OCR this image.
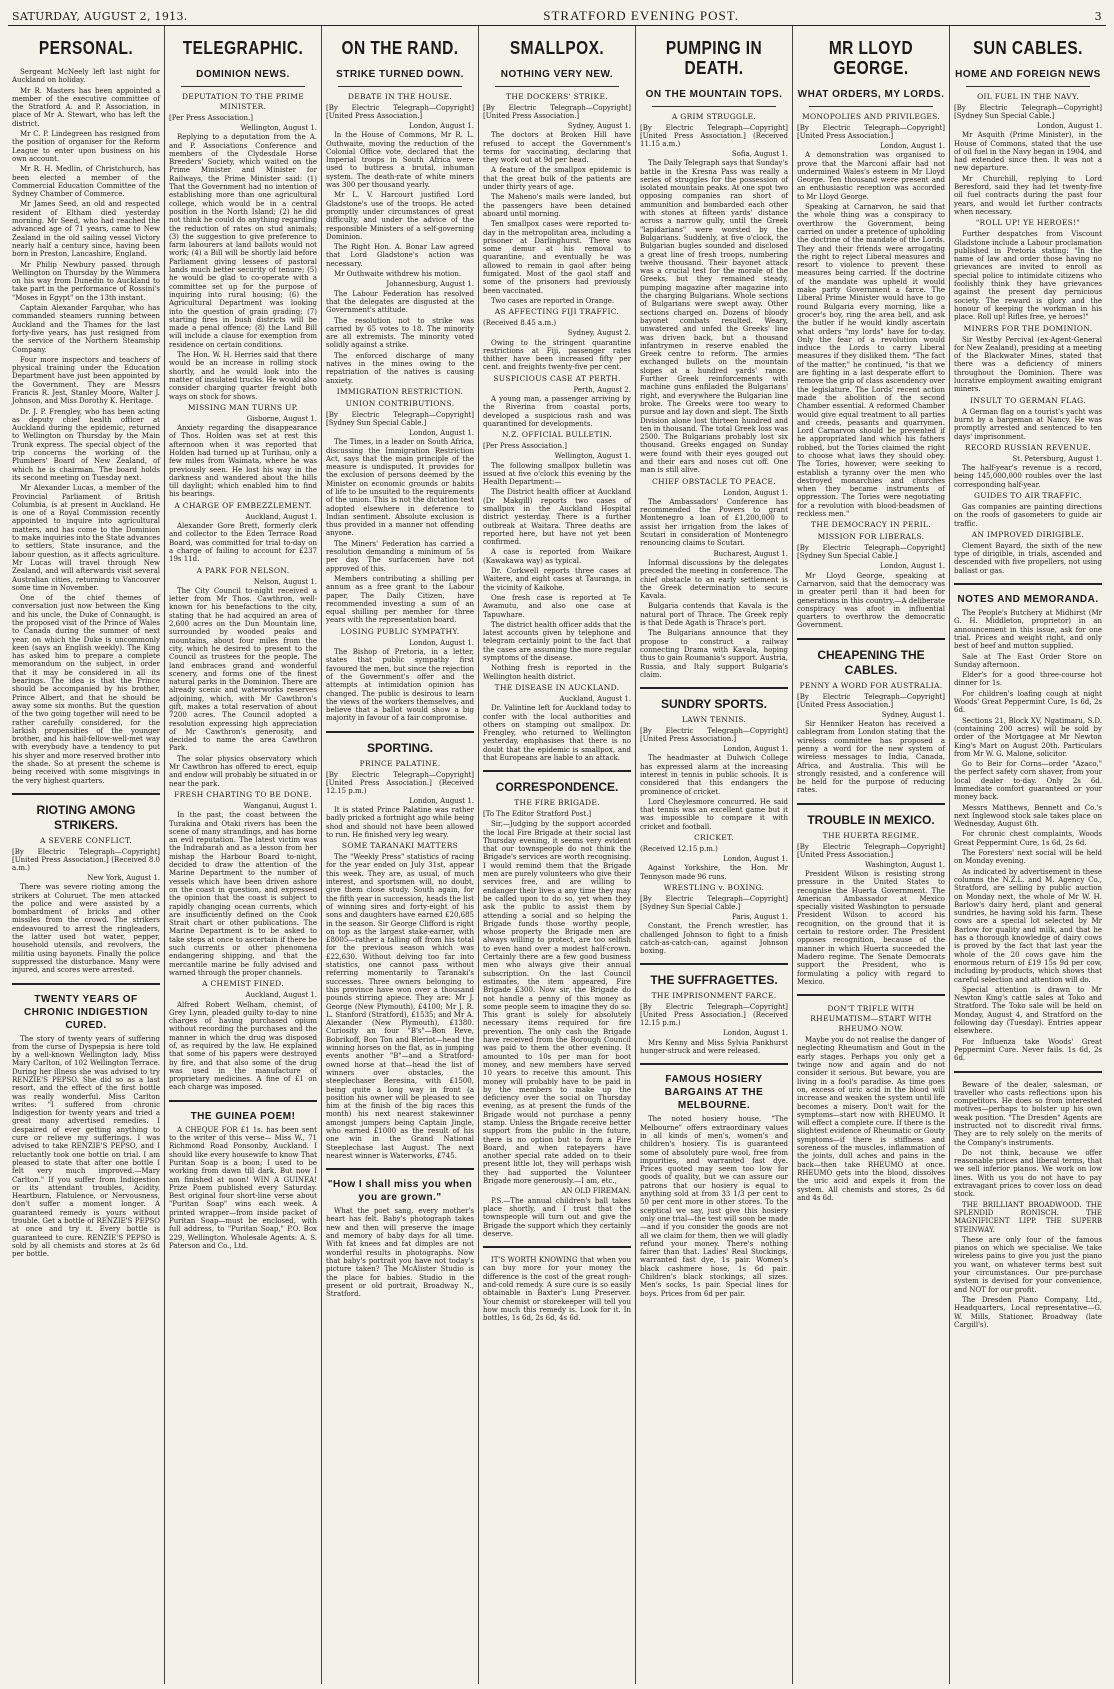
SATURDAY, AUGUST 2, 1913.	STRATFORD EVENING POST.	3
PERSONAL.

Sergeant McNeely left last night for Auckland on holiday.

Mr R. Masters has been appointed a member of the executive committee of the Stratford A. and P. Association, in place of Mr A. Stewart, who has left the district.

Mr C. P. Lindegreen has resigned from the position of organiser for the Reform League to enter upon business on his own account.

Mr R. H. Medlin, of Christchurch, has been elected a member of the Commercial Education Committee of the Sydney Chamber of Commerce.

Mr James Seed, an old and respected resident of Eltham died yesterday morning. Mr Seed, who had reached the advanced age of 71 years, came to New Zealand in the old sailing vessel Victory nearly half a century since, having been born in Preston, Lancashire, England.

Mr Philip Newbury passed through Wellington on Thursday by the Wimmera on his way from Dunedin to Auckland to take part in the performance of Rossini's "Moses in Egypt" on the 13th instant.

Captain Alexander Farquhar, who has commanded steamers running between Auckland and the Thames for the last forty-five years, has just resigned from the service of the Northern Steamship Company.

Four more inspectors and teachers of physical training under the Education Department have just been appointed by the Government. They are Messrs Francis R. Jest, Stanley Moore, Walter J. Johnson, and Miss Dorothy K. Heritage.

Dr. J. P. Frengley, who has been acting as deputy chief health officer at Auckland during the epidemic, returned to Wellington on Thursday by the Main Trunk express. The special object of the trip concerns the working of the Plumbers' Board of New Zealand, of which he is chairman. The board holds its second meeting on Tuesday next.

Mr Alexander Lucas, a member of the Provincial Parliament of British Columbia, is at present in Auckland. He is one of a Royal Commission recently appointed to inquire into agricultural matters, and has come to the Dominion to make inquiries into the State advances to settlers, State insurance, and the labour question, as it affects agriculture. Mr Lucas will travel through New Zealand, and will afterwards visit several Australian cities, returning to Vancouver some time in November.

One of the chief themes of conversation just now between the King and his uncle, the Duke of Connaught, is the proposed visit of the Prince of Wales to Canada during the summer of next year, on which the Duke is uncommonly keen (says an English weekly). The King has asked him to prepare a complete memorandum on the subject, in order that it may be considered in all its bearings. The idea is that the Prince should be accompanied by his brother, Prince Albert, and that he should be away some six months. But the question of the two going together will need to be rather carefully considered, for the larkish propensities of the younger brother, and his hail-fellow-well-met way with everybody have a tendency to put his shyer and more reserved brother into the shade. So at present the scheme is being received with some misgivings in the very highest quarters.

RIOTING AMONG STRIKERS.
A SEVERE CONFLICT.
[By Electric Telegraph—Copyright] [United Press Association.] (Received 8.0 a.m.)
New York, August 1.

There was severe rioting among the strikers at Coluruet. The men attacked the police and were assisted by a bombardment of bricks and other missiles from the crowd. The strikers endeavoured to arrest the ringleaders, the latter used hot water, pepper, household utensils, and revolvers, the militia using bayonets. Finally the police suppressed the disturbance. Many were injured, and scores were arrested.

TWENTY YEARS OF CHRONIC INDIGESTION CURED.

The story of twenty years of suffering from the curse of Dyspepsia is here told by a well-known Wellington lady, Miss Mary Carlton, of 102 Wellington Terrace. During her illness she was advised to try RENZIE'S PEPSO. She did so as a last resort, and the effect of the first bottle was really wonderful. Miss Carlton writes: "I suffered from chronic Indigestion for twenty years and tried a great many advertised remedies. I despaired of ever getting anything to cure or relieve my sufferings. I was advised to take RENZIE'S PEPSO, and I reluctantly took one bottle on trial. I am pleased to state that after one bottle I felt very much improved.—Mary Carlton." If you suffer from Indigestion or its attendant troubles, Acidity, Heartburn, Flatulence, or Nervousness, don't suffer a moment longer. A guaranteed remedy is yours without trouble. Get a bottle of RENZIE'S PEPSO at once and try it. Every bottle is guaranteed to cure. RENZIE'S PEPSO is sold by all chemists and stores at 2s 6d per bottle.

TELEGRAPHIC.
DOMINION NEWS.
DEPUTATION TO THE PRIME MINISTER.
[Per Press Association.]
Wellington, August 1.

Replying to a deputation from the A. and P. Associations Conference and members of the Clydesdale Horse Breeders' Society, which waited on the Prime Minister and Minister for Railways, the Prime Minister said: (1) That the Government had no intention of establishing more than one agricultural college, which would be in a central position in the North Island; (2) he did not think he could do anything regarding the reduction of rates on stud animals; (3) the suggestion to give preference to farm labourers at land ballots would not work; (4) a Bill will be shortly laid before Parliament giving lessees of pastoral lands much better security of tenure; (5) he would be glad to co-operate with a committee set up for the purpose of inquiring into rural housing; (6) the Agricultural Department was looking into the question of grain grading; (7) starting fires in bush districts will be made a penal offence; (8) the Land Bill will include a clause for exemption from residence on certain conditions.

The Hon. W. H. Herries said that there would be an increase in rolling stock shortly, and he would look into the matter of insulated trucks. He would also consider charging quarter freight both ways on stock for shows.

MISSING MAN TURNS UP.
Gisborne, August 1.

Anxiety regarding the disappearance of Thos. Holden was set at rest this afternoon when it was reported that Holden had turned up at Turihau, only a few miles from Waimata, where he was previously seen. He lost his way in the darkness and wandered about the hills till daylight; which enabled him to find his bearings.

A CHARGE OF EMBEZZLEMENT.
Auckland, August 1.

Alexander Gore Brett, formerly clerk and collector to the Eden Terrace Road Board, was committed for trial to-day on a charge of failing to account for £237 19s 11d.

A PARK FOR NELSON.
Nelson, August 1.

The City Council to-night received a letter from Mr Thos. Cawthron, well-known for his benefactions to the city, stating that he had acquired an area of 2,600 acres on the Dun Mountain line, surrounded by wooded peaks and mountains, about four miles from the city, which he desired to present to the Council as trustees for the people. The land embraces grand and wonderful scenery, and forms one of the finest natural parks in the Dominion. There are already scenic and waterworks reserves adjoining, which, with Mr Cawthron's gift, makes a total reservation of about 7200 acres. The Council adopted a resolution expressing high appreciation of Mr Cawthron's generosity, and decided to name the area Cawthron Park.

The solar physics observatory which Mr Cawthron has offered to erect, equip and endow will probably be situated in or near the park.

FRESH CHARTING TO BE DONE.
Wanganui, August 1.

In the past, the coast between the Turakina and Otaki rivers has been the scene of many strandings, and has borne an evil reputation. The latest victim was the Indrabarah and as a lesson from her mishap the Harbour Board to-night, decided to draw the attention of the Marine Department to the number of vessels which have been driven ashore on the coast in question, and expressed the opinion that the coast is subject to rapidly changing ocean currents, which are insufficiently defined on the Cook Strait chart or other publications. The Marine Department is to be asked to take steps at once to ascertain if there be such currents or other phenomena endangering shipping, and that the mercantile marine be fully advised and warned through the proper channels.

A CHEMIST FINED.
Auckland, August 1.

Alfred Robert Welham, chemist, of Grey Lynn, pleaded guilty to-day to nine charges of having purchased opium without recording the purchases and the manner in which the drug was disposed of, as required by the law. He explained that some of his papers were destroyed by fire, and that also some of the drug was used in the manufacture of proprietary medicines. A fine of £1 on each charge was imposed.

THE GUINEA POEM!

A CHEQUE FOR £1 1s. has been sent to the writer of this verse— Miss W., 71 Richmond Road Ponsonby, Auckland. I should like every housewife to know That Puritan Soap is a boon; I used to be working from dawn till dark, But now I am finished at noon! WIN A GUINEA! Prize Poem published every Saturday. Best original four short-line verse about "Puritan Soap" wins each week. A printed wrapper—from inside packet of Puritan Soap—must be enclosed, with full address, to "Puritan Soap," P.O. Box 229, Wellington. Wholesale Agents: A. S. Paterson and Co., Ltd.

ON THE RAND.
STRIKE TURNED DOWN.
DEBATE IN THE HOUSE.
[By Electric Telegraph—Copyright] [United Press Association.]
London, August 1.

In the House of Commons, Mr R. L. Outhwaite, moving the reduction of the Colonial Office vote, declared that the Imperial troops in South Africa were used to buttress a brutal, inhuman system. The death-rate of white miners was 300 per thousand yearly.

Mr L. V. Harcourt justified Lord Gladstone's use of the troops. He acted promptly under circumstances of great difficulty, and under the advice of the responsible Ministers of a self-governing Dominion.

The Right Hon. A. Bonar Law agreed that Lord Gladstone's action was necessary.

Mr Outhwaite withdrew his motion.

Johannesburg, August 1.

The Labour Federation has resolved that the delegates are disgusted at the Government's attitude.

The resolution not to strike was carried by 65 votes to 18. The minority are all extremists. The minority voted solidly against a strike.

The enforced discharge of many natives in the mines owing to the repatriation of the natives is causing anxiety.

IMMIGRATION RESTRICTION.
UNION CONTRIBUTIONS.
[By Electric Telegraph—Copyright] [Sydney Sun Special Cable.]
London, August 1.

The Times, in a leader on South Africa, discussing the Immigration Restriction Act, says that the main principle of the measure is undisputed. It provides for the exclusion of persons deemed by the Minister on economic grounds or habits of life to be unsuited to the requirements of the union. This is not the dictation test adopted elsewhere in deference to Indian sentiment. Absolute exclusion is thus provided in a manner not offending anyone.

The Miners' Federation has carried a resolution demanding a minimum of 5s per day. The surfacemen have not approved of this.

Members contributing a shilling per annum as a free grant to the Labour paper, The Daily Citizen, have recommended investing a sum of an equal shilling per member for three years with the representation board.

LOSING PUBLIC SYMPATHY.
London, August 1.

The Bishop of Pretoria, in a letter, states that public sympathy first favoured the men, but since the rejection of the Government's offer and the attempts at intimidation opinion has changed. The public is desirous to learn the views of the workers themselves, and believe that a ballot would show a big majority in favour of a fair compromise.

SPORTING.
PRINCE PALATINE.
[By Electric Telegraph—Copyright] [United Press Association.] (Received 12.15 p.m.)
London, August 1.

It is stated Prince Palatine was rather badly pricked a fortnight ago while being shod and should not have been allowed to run. He finished very leg weary.

SOME TARANAKI MATTERS

The "Weekly Press" statistics of racing for the year ended on July 31st, appear this week. They are, as usual, of much interest, and sportsmen will, no doubt, give them close study. South again, for the fifth year in succession, heads the list of winning sires and forty-eight of his sons and daughters have earned £20,685 in the season. Sir George Clifford is right on top as the largest stake-earner, with £8005—rather a falling off from his total for the previous season which was £22,630. Without delving too far into statistics, one cannot pass without referring momentarily to Taranaki's successes. Three owners belonging to this province have won over a thousand pounds stirring apiece. They are: Mr J. George (New Plymouth), £4100; Mr J. R. L. Stanford (Stratford), £1535; and Mr A. Alexander (New Plymouth), £1380. Curiosity an four "B's"—Bon Reve, Bobrikoff, Bon Ton and Bleriot—head the winning horses on the flat, as in jumping events another "B"—and a Stratford-owned horse at that—head the list of winners over obstacles, the steeplechaser Beresina, with £1500, being quite a long way in front (a position his owner will be pleased to see him at the finish of the big races this month) his next nearest stakewinner amongst jumpers being Captain Jingle, who earned £1000 as the result of his one win in the Grand National Steeplechase last August. The next nearest winner is Waterworks, £745.

"How I shall miss you when you are grown."

What the poet sang, every mother's heart has felt. Baby's photograph takes new and then will preserve the image and memory of baby days for all time. With fat knees and fat dimples are not wonderful results in photographs. Now that baby's portrait you have not today's picture taken? The McAlister Studio is the place for babies. Studio in the present or old portrait, Broadway N., Stratford.

SMALLPOX.
NOTHING VERY NEW.
THE DOCKERS' STRIKE.
[By Electric Telegraph—Copyright] [United Press Association.]
Sydney, August 1.

The doctors at Broken Hill have refused to accept the Government's terms for vaccinating, declaring that they work out at 9d per head.

A feature of the smallpox epidemic is that the great bulk of the patients are under thirty years of age.

The Maheno's mails were landed, but the passengers have been detained aboard until morning.

Ten smallpox cases were reported to-day in the metropolitan area, including a prisoner at Darlinghurst. There was some demur at his removal to quarantine, and eventually he was allowed to remain in gaol after being fumigated. Most of the gaol staff and some of the prisoners had previously been vaccinated.

Two cases are reported in Orange.

AS AFFECTING FIJI TRAFFIC.
(Received 8.45 a.m.)
Sydney, August 2.

Owing to the stringent quarantine restrictions at Fiji, passenger rates thither have been increased fifty per cent. and freights twenty-five per cent.

SUSPICIOUS CASE AT PERTH.
Perth, August 2.

A young man, a passenger arriving by the Riverina from coastal ports, developed a suspicious rash and was quarantined for developments.

N.Z. OFFICIAL BULLETIN.
[Per Press Association.]
Wellington, August 1.

The following smallpox bulletin was issued at five o'clock this evening by the Health Department:—

The District health officer at Auckland (Dr Makgill) reports two cases of smallpox in the Auckland Hospital district yesterday. There is a further outbreak at Waitara. Three deaths are reported here, but have not yet been confirmed.

A case is reported from Waikare (Kawakawa way) as typical.

Dr. Corkwell reports three cases at Waitere, and eight cases at Tauranga, in the vicinity of Kaikohe.

One fresh case is reported at Te Awamutu, and also one case at Tapuwhare.

The district health officer adds that the latest accounts given by telephone and telegram certainly point to the fact that the cases are assuming the more regular symptoms of the disease.

Nothing fresh is reported in the Wellington health district.

THE DISEASE IN AUCKLAND.
Auckland, August 1.

Dr. Valintine left for Auckland today to confer with the local authorities and others on stamping out smallpox. Dr. Frengley, who returned to Wellington yesterday, emphasises that there is no doubt that the epidemic is smallpox, and that Europeans are liable to an attack.

CORRESPONDENCE.
THE FIRE BRIGADE.
[To The Editor Stratford Post.]

Sir,—Judging by the support accorded the local Fire Brigade at their social last Thursday evening, it seems very evident that our townspeople do not think the Brigade's services are worth recognising. I would remind them that the Brigade men are purely volunteers who give their services free, and are willing to endanger their lives a any time they may be called upon to do so, yet when they ask the public to assist them by attending a social and so helping the Brigade funds those worthy people, whose property the Brigade men are always willing to protect, are too selfish to even hand over a modest half-crown. Certainly there are a few good business men who always give their annual subscription. On the last Council estimates, the item appeared, Fire Brigade £300. Now sir, the Brigade do not handle a penny of this money as some people seem to imagine they do so. This grant is solely for absolutely necessary items required for fire prevention. The only cash the Brigade have received from the Borough Council was paid to them the other evening. It amounted to 10s per man for boot money, and new members have served 10 years to receive this amount. This money will probably have to be paid in by the members to make up the deficiency over the social on Thursday evening, as at present the funds of the Brigade would not purchase a penny stamp. Unless the Brigade receive better support from the public in the future, there is no option but to form a Fire Board, and when ratepayers have another special rate added on to their present little lot, they will perhaps wish they had supported the Volunteer Brigade more generously.—I am, etc.,

AN OLD FIREMAN.

P.S.—The annual children's ball takes place shortly, and I trust that the townspeople will turn out and give the Brigade the support which they certainly deserve.

IT'S WORTH KNOWING that when you can buy more for your money the difference is the cost of the great rough-and-cold remedy. A sure cure is so easily obtainable in Baxter's Lung Preserver. Your chemist or storekeeper will tell you how much this remedy is. Look for it. In bottles, 1s 6d, 2s 6d, 4s 6d.

PUMPING IN DEATH.
ON THE MOUNTAIN TOPS.
A GRIM STRUGGLE.
[By Electric Telegraph—Copyright] [United Press Association.] (Received 11.15 a.m.)
Sofia, August 1.

The Daily Telegraph says that Sunday's battle in the Kresna Pass was really a series of struggles for the possession of isolated mountain peaks. At one spot two opposing companies ran short of ammunition and bombarded each other with stones at fifteen yards' distance across a narrow gully, until the Greek "lapidarians" were worsted by the Bulgarians. Suddenly, at five o'clock, the Bulgarian bugles sounded and disclosed a great line of fresh troops, numbering twelve thousand. Their bayonet attack was a crucial test for the morale of the Greeks, but they remained steady, pumping magazine after magazine into the charging Bulgarians. Whole sections of Bulgarians were swept away. Other sections charged on. Dozens of bloody bayonet combats resulted. Weary, unwatered and unfed the Greeks' line was driven back, but a thousand infantrymen in reserve enabled the Greek centre to reform. The armies exchanged bullets on the mountain slopes at a hundred yards' range. Further Greek reinforcements with machine guns enfiladed the Bulgarians' right, and everywhere the Bulgarian line broke. The Greeks were too weary to pursue and lay down and slept. The Sixth Division alone lost thirteen hundred and ten in thousand. The total Greek loss was 2500. The Bulgarians probably lost six thousand. Greeks engaged on Sunday were found with their eyes gouged out and their ears and noses cut off. One man is still alive.

CHIEF OBSTACLE TO PEACE.
London, August 1.

The Ambassadors' Conference has recommended the Powers to grant Montenegro a loan of £1,200,000 to assist her irrigation from the lakes of Scutari in consideration of Montenegro renouncing claims to Scutari.

Bucharest, August 1.

Informal discussions by the delegates preceded the meeting in conference. The chief obstacle to an early settlement is the Greek determination to secure Kavala.

Bulgaria contends that Kavala is the natural port of Thrace. The Greek reply is that Dede Agath is Thrace's port.

The Bulgarians announce that they propose to construct a railway connecting Drama with Kavala, hoping thus to gain Roumania's support. Austria, Russia, and Italy support Bulgaria's claim.

SUNDRY SPORTS.
LAWN TENNIS.
[By Electric Telegraph—Copyright] [United Press Association.]
London, August 1.

The headmaster at Dulwich College has expressed alarm at the increasing interest in tennis in public schools. It is considered that this endangers the prominence of cricket.

Lord Cheylesmore concurred. He said that tennis was an excellent game but it was impossible to compare it with cricket and football.

CRICKET.
(Received 12.15 p.m.)
London, August 1.

Against Yorkshire, the Hon. Mr Tennyson made 96 runs.

WRESTLING v. BOXING.
[By Electric Telegraph—Copyright] [Sydney Sun Special Cable.]
Paris, August 1.

Constant, the French wrestler, has challenged Johnson to fight to a finish catch-as-catch-can, against Johnson boxing.

THE SUFFRAGETTES.
THE IMPRISONMENT FARCE.
[By Electric Telegraph—Copyright] [United Press Association.] (Received 12.15 p.m.)
London, August 1.

Mrs Kenny and Miss Sylvia Pankhurst hunger-struck and were released.

FAMOUS HOSIERY BARGAINS AT THE MELBOURNE.

The noted hosiery house, "The Melbourne" offers extraordinary values in all kinds of men's, women's and children's hosiery. Tis is guaranteed some of absolutely pure wool, free from impurities, and warranted fast dye. Prices quoted may seem too low for goods of quality, but we can assure our patrons that our hosiery is equal to anything sold at from 33 1/3 per cent to 50 per cent more in other stores. To the sceptical we say, just give this hosiery only one trial—the test will soon be made—and if you consider the goods are not all we claim for them, then we will gladly refund your money. There's nothing fairer than that. Ladies' Real Stockings, warranted fast dye, 1s pair. Women's black cashmere hose, 1s 6d pair. Children's black stockings, all sizes. Men's socks, 1s pair. Special lines for boys. Prices from 6d per pair.

MR LLOYD GEORGE.
WHAT ORDERS, MY LORDS.
MONOPOLIES AND PRIVILEGES.
[By Electric Telegraph—Copyright] [United Press Association.]
London, August 1.

A demonstration was organised to prove that the Marconi affair had not undermined Wales's esteem in Mr Lloyd George. Ten thousand were present and an enthusiastic reception was accorded to Mr Lloyd George.

Speaking at Carnarvon, he said that the whole thing was a conspiracy to overthrow the Government, being carried on under a pretence of upholding the doctrine of the mandate of the Lords. They and their friends were arrogating the right to reject Liberal measures and resort to violence to prevent these measures being carried. If the doctrine of the mandate was upheld it would make party Government a farce. The Liberal Prime Minister would have to go round Bulgaria every morning, like a grocer's boy, ring the area bell, and ask the butler if he would kindly ascertain what orders "my lords" have for to-day. Only the fear of a revolution would induce the Lords to carry Liberal measures if they disliked them. "The fact of the matter," he continued, "is that we are fighting in a last desperate effort to remove the grip of class ascendency over the legislature. The Lords' recent action made the abolition of the second Chamber essential. A reformed Chamber would give equal treatment to all parties and creeds, peasants and quarrymen. Lord Carnarvon should be prevented if he appropriated land which his fathers robbed, but the Tories claimed the right to choose what laws they should obey. The Tories, however, were seeking to establish a tyranny over the men who destroyed monarchies and churches when they became instruments of oppression. The Tories were negotiating for a revolution with blood-beadsmen of reckless men."

THE DEMOCRACY IN PERIL.
MISSION FOR LIBERALS.
[By Electric Telegraph—Copyright] [Sydney Sun Special Cable.]
London, August 1.

Mr Lloyd George, speaking at Carnarvon, said that the democracy was in greater peril than it had been for generations in this country.—A deliberate conspiracy was afoot in influential quarters to overthrow the democratic Government.

CHEAPENING THE CABLES.
PENNY A WORD FOR AUSTRALIA.
[By Electric Telegraph—Copyright] [United Press Association.]
Sydney, August 1.

Sir Henniker Heaton has received a cablegram from London stating that the wireless committee has proposed a penny a word for the new system of wireless messages to India, Canada, Africa, and Australia. This will be strongly resisted, and a conference will be held for the purpose of reducing rates.

TROUBLE IN MEXICO.
THE HUERTA REGIME.
[By Electric Telegraph—Copyright] [United Press Association.]
Washington, August 1.

President Wilson is resisting strong pressure in the United States to recognise the Huerta Government. The American Ambassador at Mexico specially visited Washington to persuade President Wilson to accord his recognition, on the ground that it is certain to restore order. The President opposes recognition, because of the manner in which Huerta succeeded the Madero regime. The Senate Democrats support the President, who is formulating a policy with regard to Mexico.

DON'T TRIFLE WITH RHEUMATISM—START WITH RHEUMO NOW.

Maybe you do not realise the danger of neglecting Rheumatism and Gout in the early stages. Perhaps you only get a twinge now and again and do not consider it serious. But beware, you are living in a fool's paradise. As time goes on, excess of uric acid in the blood will increase and weaken the system until life becomes a misery. Don't wait for the symptoms—start now with RHEUMO. It will effect a complete cure. If there is the slightest evidence of Rheumatic or Gouty symptoms—if there is stiffness and soreness of the muscles, inflammation of the joints, dull aches and pains in the back—then take RHEUMO at once. RHEUMO gets into the blood, dissolves the uric acid and expels it from the system. All chemists and stores, 2s 6d and 4s 6d.

SUN CABLES.
HOME AND FOREIGN NEWS
OIL FUEL IN THE NAVY.
[By Electric Telegraph—Copyright] [Sydney Sun Special Cable.]
London, August 1.

Mr Asquith (Prime Minister), in the House of Commons, stated that the use of oil fuel in the Navy began in 1904, and had extended since then. It was not a new departure.

Mr Churchill, replying to Lord Beresford, said they had let twenty-five oil fuel contracts during the past four years, and would let further contracts when necessary.

"ROLL UP! YE HEROES!"

Further despatches from Viscount Gladstone include a Labour proclamation published in Pretoria stating: "In the name of law and order those having no grievances are invited to enroll as special police to intimidate citizens who foolishly think they have grievances against the present day pernicious society. The reward is glory and the honour of keeping the workman in his place. Roll up! Rifles free, ye heroes!"

MINERS FOR THE DOMINION.

Sir Westby Percival (ex-Agent-General for New Zealand), presiding at a meeting of the Blackwater Mines, stated that there was a deficiency of miners throughout the Dominion. There was lucrative employment awaiting emigrant miners.

INSULT TO GERMAN FLAG.

A German flag on a tourist's yacht was burnt by a bargeman at Nancy. He was promptly arrested and sentenced to ten days' imprisonment.

RECORD RUSSIAN REVENUE.
St. Petersburg, August 1.

The half-year's revenue is a record, being 145,000,000 roubles over the last corresponding half-year.

GUIDES TO AIR TRAFFIC.

Gas companies are painting directions on the roofs of gasometers to guide air traffic.

AN IMPROVED DIRIGIBLE.

Clement Bayard, the sixth of the new type of dirigible, in trials, ascended and descended with five propellers, not using ballast or gas.

NOTES AND MEMORANDA.

The People's Butchery at Midhirst (Mr G. H. Middleton, proprietor) in an announcement in this issue, ask for one trial. Prices and weight right, and only best of beef and mutton supplied.

Sale at The East Order Store on Sunday afternoon.

Elder's for a good three-course hot dinner for 1s.

For children's loafing cough at night Woods' Great Peppermint Cure, 1s 6d, 2s 6d.

Sections 21, Block XV, Ngatimaru, S.D. (containing 200 acres) will be sold by order of the Mortgagee at Mr Newton King's Mart on August 20th. Particulars from Mr W. G. Malone, solicitor.

Go to Beir for Corns—order "Azaco," the perfect safety corn shaver, from your local dealer to-day. Only 2s 6d. Immediate comfort guaranteed or your money back.

Messrs Matthews, Bennett and Co.'s next Inglewood stock sale takes place on Wednesday, August 6th.

For chronic chest complaints, Woods Great Peppermint Cure, 1s 6d, 2s 6d.

The Foresters' next social will be held on Monday evening.

As indicated by advertisement in these columns the N.Z.L. and M. Agency Co., Stratford, are selling by public auction on Monday next, the whole of Mr W. H. Barlow's dairy herd, plant and general sundries, he having sold his farm. These cows are a special lot selected by Mr Barlow for quality and milk, and that he has a thorough knowledge of dairy cows is proved by the fact that last year the whole of the 20 cows gave him the enormous return of £19 15s 9d per cow, including by-products, which shows that careful selection and attention will do.

Special attention is drawn to Mr Newton King's cattle sales at Toko and Stratford. The Toko sale will be held on Monday, August 4, and Stratford on the following day (Tuesday). Entries appear elsewhere.

For Influenza take Woods' Great Peppermint Cure. Never fails. 1s 6d, 2s 6d.

Beware of the dealer, salesman, or traveller who casts reflections upon his competitors. He does so from interested motives—perhaps to bolster up his own weak position. "The Dresden" Agents are instructed not to discredit rival firms. They are to rely solely on the merits of the Company's instruments.

Do not think, because we offer reasonable prices and liberal terms, that we sell inferior pianos. We work on low lines. With us you do not have to pay extravagant prices to cover loss on dead stock.

THE BRILLIANT BROADWOOD. THE SPLENDID RONISCH. THE MAGNIFICENT LIPP. THE SUPERB STEINWAY.

These are only four of the famous pianos on which we specialise. We take wireless pains to give you just the piano you want, on whatever terms best suit your circumstances. Our pre-purchase system is devised for your convenience, and NOT for our profit.

The Dresden Piano Company, Ltd., Headquarters, Local representative—G. W. Mills, Stationer, Broadway (late Cargill's).
